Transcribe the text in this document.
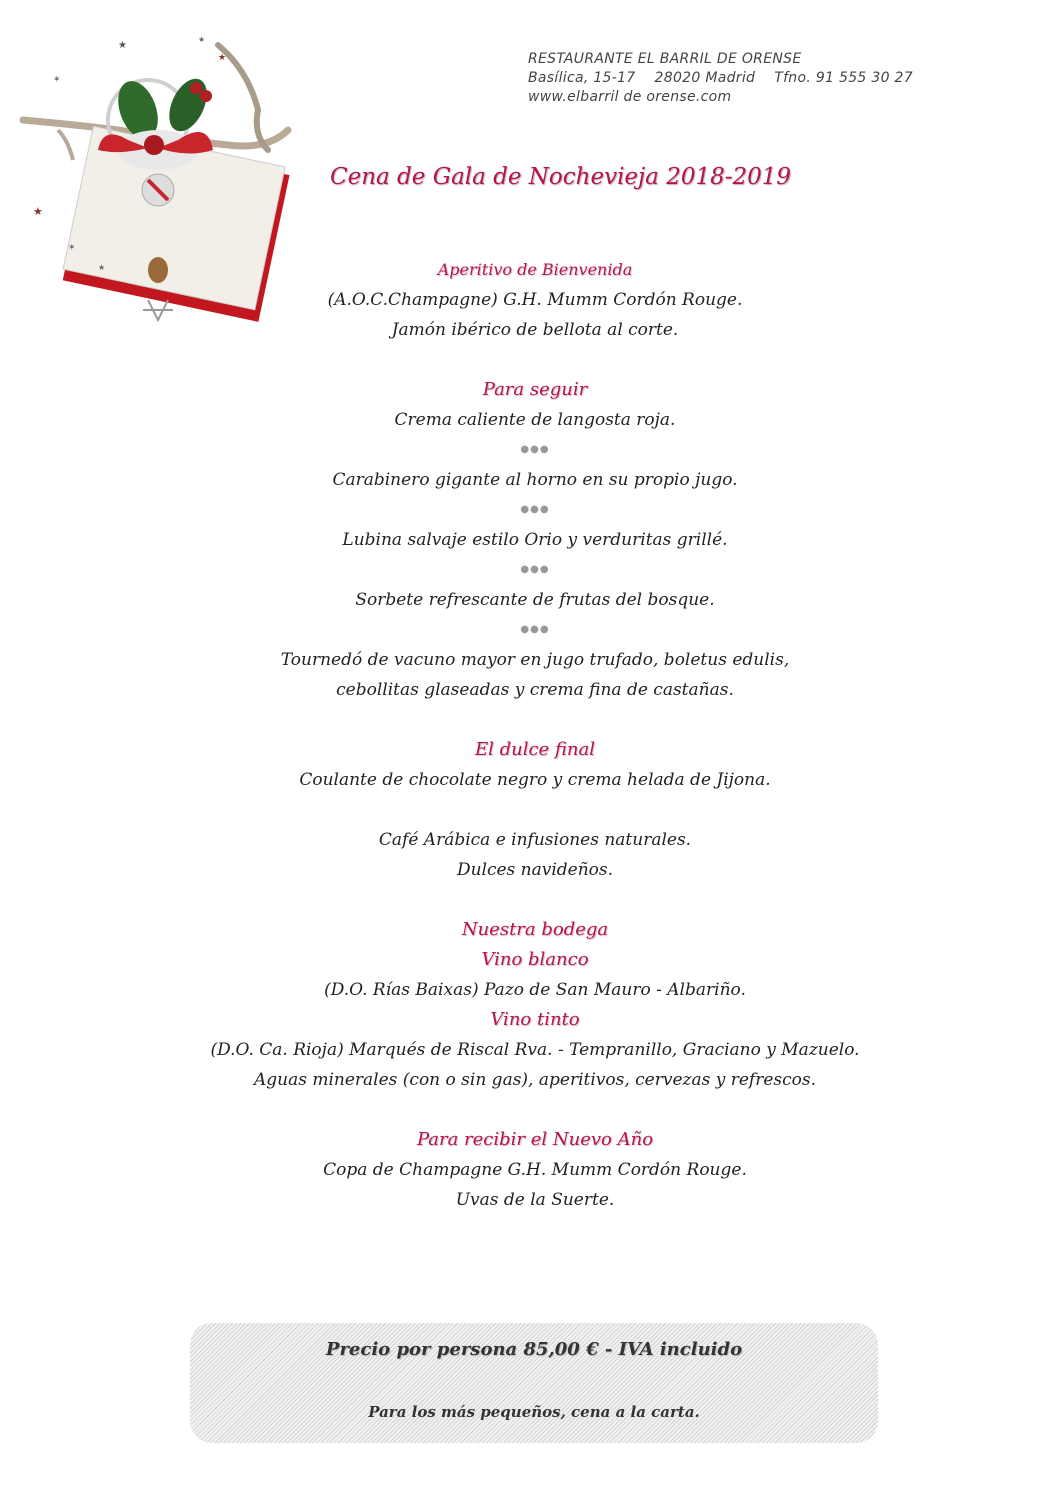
RESTAURANTE EL BARRIL DE ORENSE
Basílica, 15-17 28020 Madrid Tfno. 91 555 30 27
www.elbarril de orense.com
★
★
✶
★
✶
★
★
Cena de Gala de Nochevieja 2018-2019
Aperitivo de Bienvenida
(A.O.C.Champagne) G.H. Mumm Cordón Rouge.
Jamón ibérico de bellota al corte.
Para seguir
Crema caliente de langosta roja.
●●●
Carabinero gigante al horno en su propio jugo.
●●●
Lubina salvaje estilo Orio y verduritas grillé.
●●●
Sorbete refrescante de frutas del bosque.
●●●
Tournedó de vacuno mayor en jugo trufado, boletus edulis,
cebollitas glaseadas y crema fina de castañas.
El dulce final
Coulante de chocolate negro y crema helada de Jijona.
Café Arábica e infusiones naturales.
Dulces navideños.
Nuestra bodega
Vino blanco
(D.O. Rías Baixas) Pazo de San Mauro - Albariño.
Vino tinto
(D.O. Ca. Rioja) Marqués de Riscal Rva. - Tempranillo, Graciano y Mazuelo.
Aguas minerales (con o sin gas), aperitivos, cervezas y refrescos.
Para recibir el Nuevo Año
Copa de Champagne G.H. Mumm Cordón Rouge.
Uvas de la Suerte.
Precio por persona 85,00 € - IVA incluido
Para los más pequeños, cena a la carta.
